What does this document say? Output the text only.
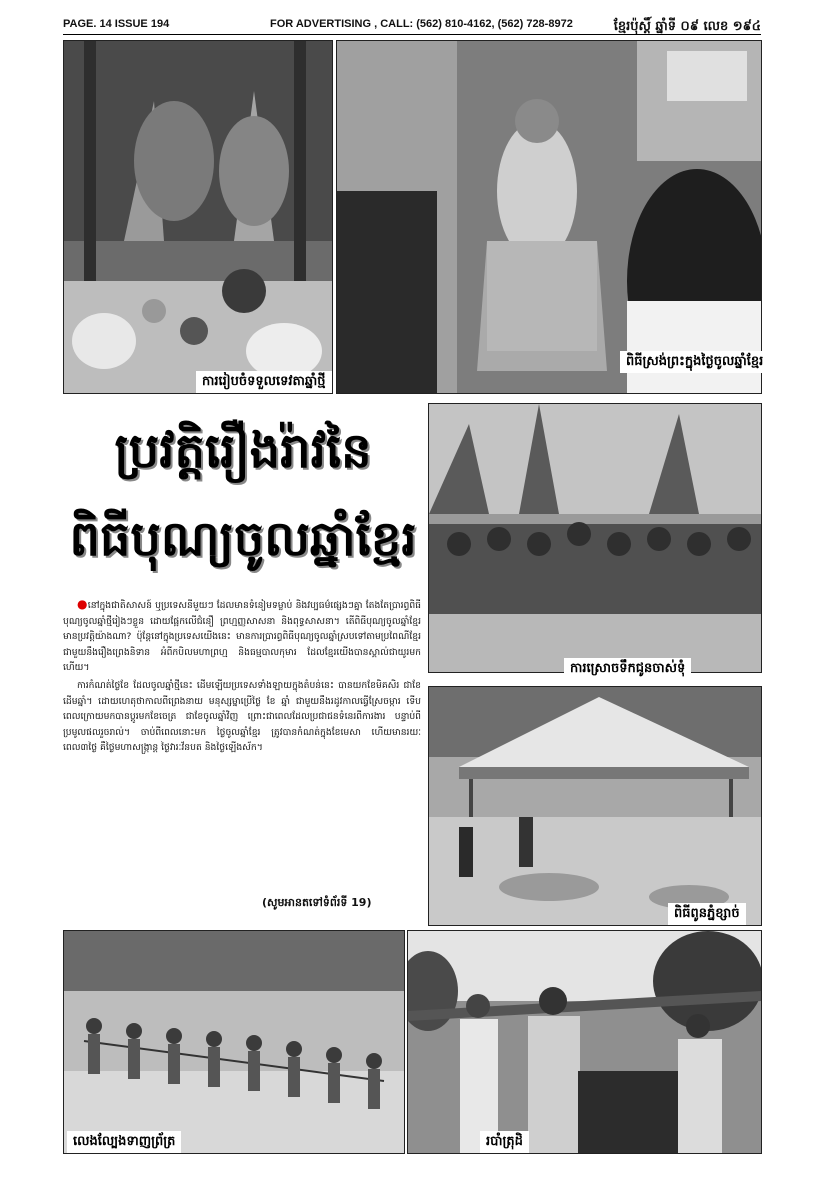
PAGE. 14 ISSUE 194	FOR ADVERTISING , CALL: (562) 810-4162, (562) 728-8972	ខ្មែរប៉ុស្ដិ៍ ឆ្នាំទី ០៩ លេខ ១៩៤
ការរៀបចំទទួលទេវតាឆ្នាំថ្មី
ពិធីស្រង់ព្រះក្នុងថ្ងៃចូលឆ្នាំខ្មែរ
ប្រវត្តិរឿងរ៉ាវនៃ
ពិធីបុណ្យចូលឆ្នាំខ្មែរ
ការស្រោចទឹកជូនចាស់ទុំ

●នៅក្នុងជាតិសាសន៍ ឬប្រទេសនីមួយៗ ដែលមានទំនៀមទម្លាប់ និងវប្បធម៌ផ្សេងៗគ្នា តែងតែប្រារព្ធពិធីបុណ្យចូលឆ្នាំថ្មីរៀងៗខ្លួន ដោយផ្អែកលើជំនឿ ព្រហ្មញ្ញសាសនា និងពុទ្ធសាសនា។ តើពិធីបុណ្យចូលឆ្នាំខ្មែរមានប្រវត្តិយ៉ាងណា? ប៉ុន្តែនៅក្នុងប្រទេសយើងនេះ មានការប្រារព្ធពិធីបុណ្យចូលឆ្នាំស្របទៅតាមប្រពៃណីខ្មែរ ជាមួយនឹងរឿងព្រេងនិទាន អំពីកបិលមហាព្រហ្ម និងធម្មបាលកុមារ ដែលខ្មែរយើងបានស្គាល់ជាយូរមកហើយ។

ការកំណត់ថ្ងៃខែ ដែលចូលឆ្នាំថ្មីនេះ ដើមឡើយប្រទេសទាំងឡាយក្នុងតំបន់នេះ បានយកខែមិគសិរ ជាខែដើមឆ្នាំ។ ដោយហេតុថាកាលពីព្រេងនាយ មនុស្សម្នាប្រើថ្ងៃ ខែ ឆ្នាំ ជាមួយនឹងរដូវកាលធ្វើស្រែចម្ការ ទើបពេលក្រោយមកបានប្ដូរមកខែចេត្រ ជាខែចូលឆ្នាំវិញ ព្រោះជាពេលដែលប្រជាជនទំនេរពីការងារ បន្ទាប់ពីប្រមូលផលរួចរាល់។ ចាប់ពីពេលនោះមក ថ្ងៃចូលឆ្នាំខ្មែរ ត្រូវបានកំណត់ក្នុងខែមេសា ហើយមានរយៈពេល៣ថ្ងៃ គឺថ្ងៃមហាសង្ក្រាន្ត ថ្ងៃវារៈវ័នបត និងថ្ងៃឡើងស័ក។

(សូមអានតទៅទំព័រទី 19)
ពិធីពូនភ្នំខ្សាច់
លេងល្បែងទាញព្រ័ត្រ	របាំត្រុដិ
